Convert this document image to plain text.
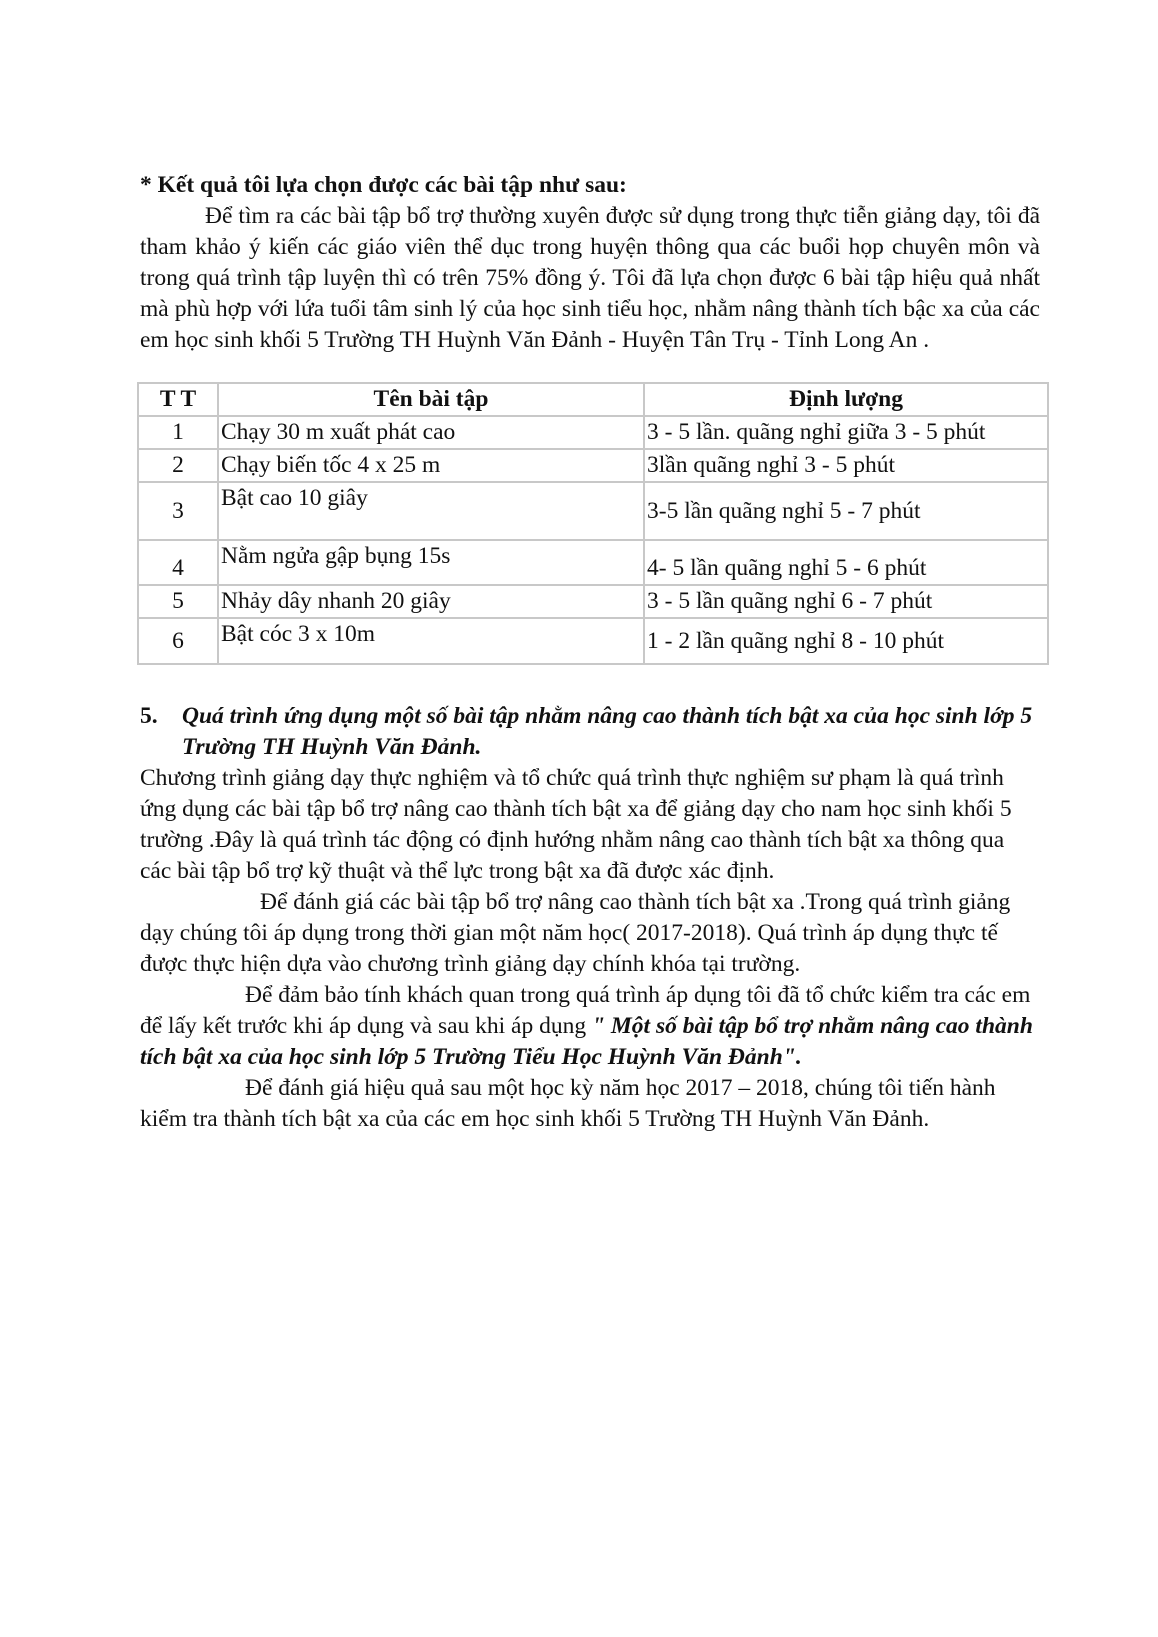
* Kết quả tôi lựa chọn được các bài tập như sau:

Để tìm ra các bài tập bổ trợ thường xuyên được sử dụng trong thực tiễn giảng dạy, tôi đã tham khảo ý kiến các giáo viên thể dục trong huyện thông qua các buổi họp chuyên môn và trong quá trình tập luyện thì có trên 75% đồng ý. Tôi đã lựa chọn được 6 bài tập hiệu quả nhất mà phù hợp với lứa tuổi tâm sinh lý của học sinh tiểu học, nhằm nâng thành tích bậc xa của các em học sinh khối 5 Trường TH Huỳnh Văn Đảnh - Huyện Tân Trụ - Tỉnh Long An .

T T	Tên bài tập	Định lượng
1	Chạy 30 m xuất phát cao	3 - 5 lần. quãng nghỉ giữa 3 - 5 phút
2	Chạy biến tốc 4 x 25 m	3lần quãng nghỉ 3 - 5 phút
3	Bật cao 10 giây	3-5 lần quãng nghỉ 5 - 7 phút
4	Nằm ngửa gập bụng 15s	4- 5 lần quãng nghỉ 5 - 6 phút
5	Nhảy dây nhanh 20 giây	3 - 5 lần quãng nghỉ 6 - 7 phút
6	Bật cóc 3 x 10m	1 - 2 lần quãng nghỉ 8 - 10 phút
5. Quá trình ứng dụng một số bài tập nhằm nâng cao thành tích bật xa của học sinh lớp 5 Trường TH Huỳnh Văn Đảnh.

Chương trình giảng dạy thực nghiệm và tổ chức quá trình thực nghiệm sư phạm là quá trình ứng dụng các bài tập bổ trợ nâng cao thành tích bật xa để giảng dạy cho nam học sinh khối 5 trường .Đây là quá trình tác động có định hướng nhằm nâng cao thành tích bật xa thông qua các bài tập bổ trợ kỹ thuật và thể lực trong bật xa đã được xác định.

Để đánh giá các bài tập bổ trợ nâng cao thành tích bật xa .Trong quá trình giảng dạy chúng tôi áp dụng trong thời gian một năm học( 2017-2018). Quá trình áp dụng thực tế được thực hiện dựa vào chương trình giảng dạy chính khóa tại trường.

Để đảm bảo tính khách quan trong quá trình áp dụng tôi đã tổ chức kiểm tra các em để lấy kết trước khi áp dụng và sau khi áp dụng " Một số bài tập bổ trợ nhằm nâng cao thành tích bật xa của học sinh lớp 5 Trường Tiểu Học Huỳnh Văn Đảnh".

Để đánh giá hiệu quả sau một học kỳ năm học 2017 – 2018, chúng tôi tiến hành kiểm tra thành tích bật xa của các em học sinh khối 5 Trường TH Huỳnh Văn Đảnh.
